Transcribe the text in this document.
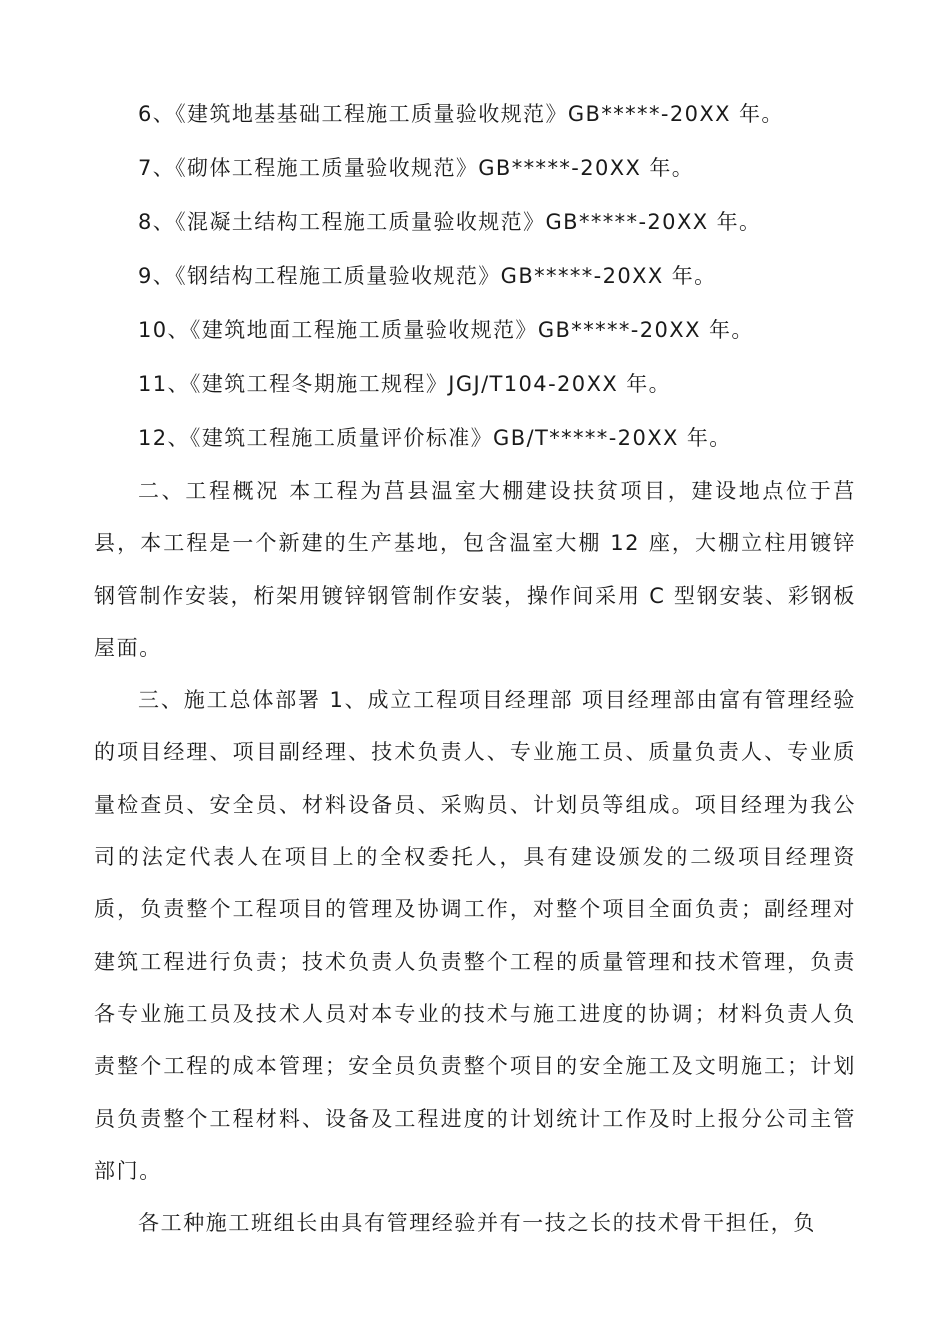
6、《建筑地基基础工程施工质量验收规范》GB*****-20XX 年。
7、《砌体工程施工质量验收规范》GB*****-20XX 年。
8、《混凝土结构工程施工质量验收规范》GB*****-20XX 年。
9、《钢结构工程施工质量验收规范》GB*****-20XX 年。
10、《建筑地面工程施工质量验收规范》GB*****-20XX 年。
11、《建筑工程冬期施工规程》JGJ/T104-20XX 年。
12、《建筑工程施工质量评价标准》GB/T*****-20XX 年。

二、工程概况 本工程为莒县温室大棚建设扶贫项目，建设地点位于莒县，本工程是一个新建的生产基地，包含温室大棚 12 座，大棚立柱用镀锌钢管制作安装，桁架用镀锌钢管制作安装，操作间采用 C 型钢安装、彩钢板屋面。

三、施工总体部署 1、成立工程项目经理部 项目经理部由富有管理经验的项目经理、项目副经理、技术负责人、专业施工员、质量负责人、专业质量检查员、安全员、材料设备员、采购员、计划员等组成。项目经理为我公司的法定代表人在项目上的全权委托人，具有建设颁发的二级项目经理资质，负责整个工程项目的管理及协调工作，对整个项目全面负责；副经理对建筑工程进行负责；技术负责人负责整个工程的质量管理和技术管理，负责各专业施工员及技术人员对本专业的技术与施工进度的协调；材料负责人负责整个工程的成本管理；安全员负责整个项目的安全施工及文明施工；计划员负责整个工程材料、设备及工程进度的计划统计工作及时上报分公司主管部门。

各工种施工班组长由具有管理经验并有一技之长的技术骨干担任，负
